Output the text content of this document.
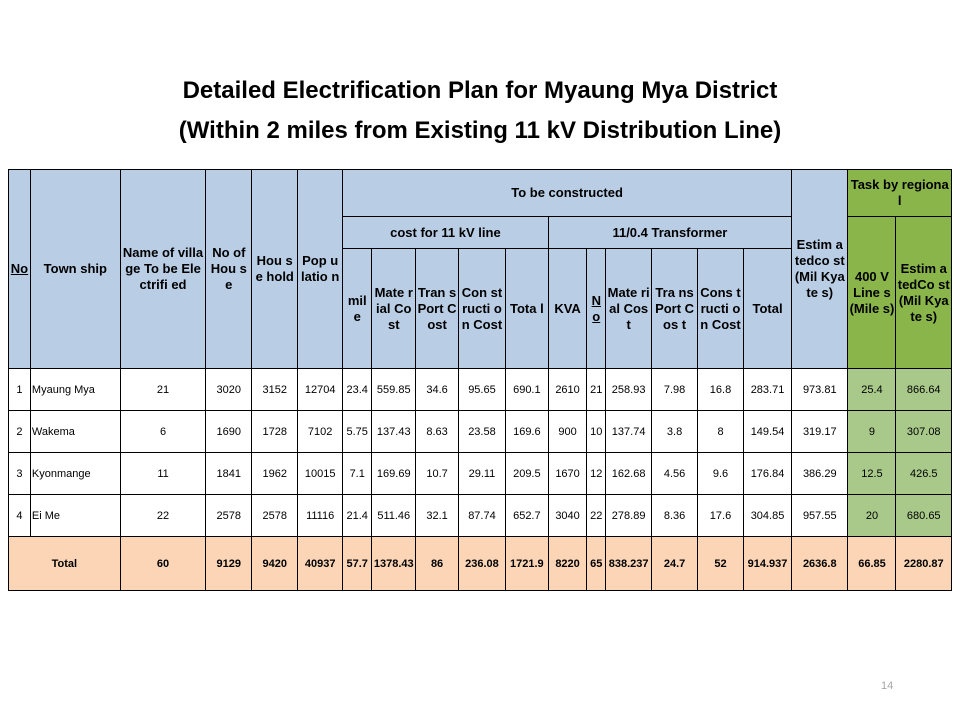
Detailed Electrification Plan for Myaung Mya District
(Within 2 miles from Existing 11 kV Distribution Line)
No	Town ship	Name of village To be Electrifi ed	No of Hou se	Hou se hold	Pop u latio n	To be constructed											Estim a tedco st (Mil Kyate s)	Task by regional	
						cost for 11 kV line					11/0.4 Transformer							400 V Line s (Mile s)	Estim a tedCo st (Mil Kyate s)
						mil e	Mate rial Cost	Tran s Port Cost	Con st ructi on Cost	Tota l	KVA	No	Mate rial Cost	Tra ns Port Cos t	Cons t ructi on Cost	Total			
1	Myaung Mya	21	3020	3152	12704	23.4	559.85	34.6	95.65	690.1	2610	21	258.93	7.98	16.8	283.71	973.81	25.4	866.64
2	Wakema	6	1690	1728	7102	5.75	137.43	8.63	23.58	169.6	900	10	137.74	3.8	8	149.54	319.17	9	307.08
3	Kyonmange	11	1841	1962	10015	7.1	169.69	10.7	29.11	209.5	1670	12	162.68	4.56	9.6	176.84	386.29	12.5	426.5
4	Ei Me	22	2578	2578	11116	21.4	511.46	32.1	87.74	652.7	3040	22	278.89	8.36	17.6	304.85	957.55	20	680.65
Total		60	9129	9420	40937	57.7	1378.43	86	236.08	1721.9	8220	65	838.237	24.7	52	914.937	2636.8	66.85	2280.87
14
